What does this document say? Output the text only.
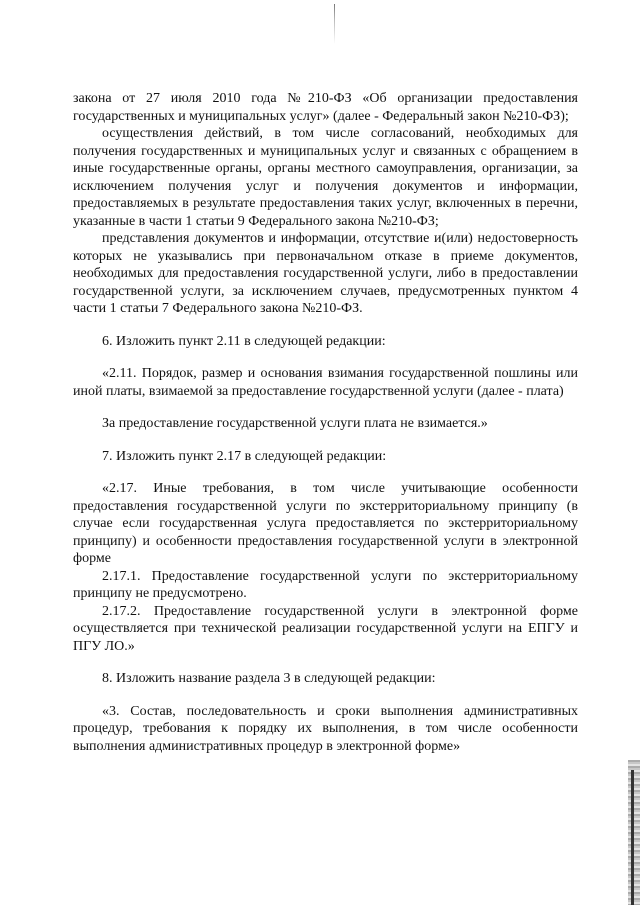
закона от 27 июля 2010 года №210-ФЗ «Об организации предоставления государственных и муниципальных услуг» (далее - Федеральный закон №210-ФЗ);

осуществления действий, в том числе согласований, необходимых для получения государственных и муниципальных услуг и связанных с обращением в иные государственные органы, органы местного самоуправления, организации, за исключением получения услуг и получения документов и информации, предоставляемых в результате предоставления таких услуг, включенных в перечни, указанные в части 1 статьи 9 Федерального закона №210-ФЗ;

представления документов и информации, отсутствие и(или) недостоверность которых не указывались при первоначальном отказе в приеме документов, необходимых для предоставления государственной услуги, либо в предоставлении государственной услуги, за исключением случаев, предусмотренных пунктом 4 части 1 статьи 7 Федерального закона №210-ФЗ.

6. Изложить пункт 2.11 в следующей редакции:

«2.11. Порядок, размер и основания взимания государственной пошлины или иной платы, взимаемой за предоставление государственной услуги (далее - плата)

За предоставление государственной услуги плата не взимается.»

7. Изложить пункт 2.17 в следующей редакции:

«2.17. Иные требования, в том числе учитывающие особенности предоставления государственной услуги по экстерриториальному принципу (в случае если государственная услуга предоставляется по экстерриториальному принципу) и особенности предоставления государственной услуги в электронной форме

2.17.1. Предоставление государственной услуги по экстерриториальному принципу не предусмотрено.

2.17.2. Предоставление государственной услуги в электронной форме осуществляется при технической реализации государственной услуги на ЕПГУ и ПГУ ЛО.»

8. Изложить название раздела 3 в следующей редакции:

«3. Состав, последовательность и сроки выполнения административных процедур, требования к порядку их выполнения, в том числе особенности выполнения административных процедур в электронной форме»
